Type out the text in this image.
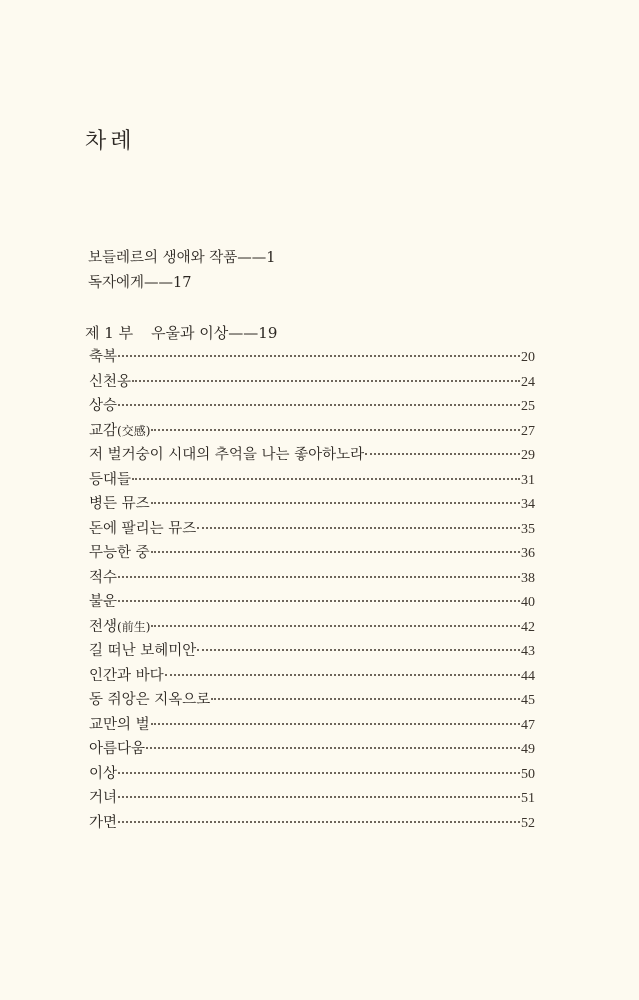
차례
보들레르의 생애와 작품——1
독자에게——17
제 1 부 우울과 이상——19
축복	20
신천옹	24
상승	25
교감(交感)	27
저 벌거숭이 시대의 추억을 나는 좋아하노라	29
등대들	31
병든 뮤즈	34
돈에 팔리는 뮤즈	35
무능한 중	36
적수	38
불운	40
전생(前生)	42
길 떠난 보헤미안	43
인간과 바다	44
동 쥐앙은 지옥으로	45
교만의 벌	47
아름다움	49
이상	50
거녀	51
가면	52
